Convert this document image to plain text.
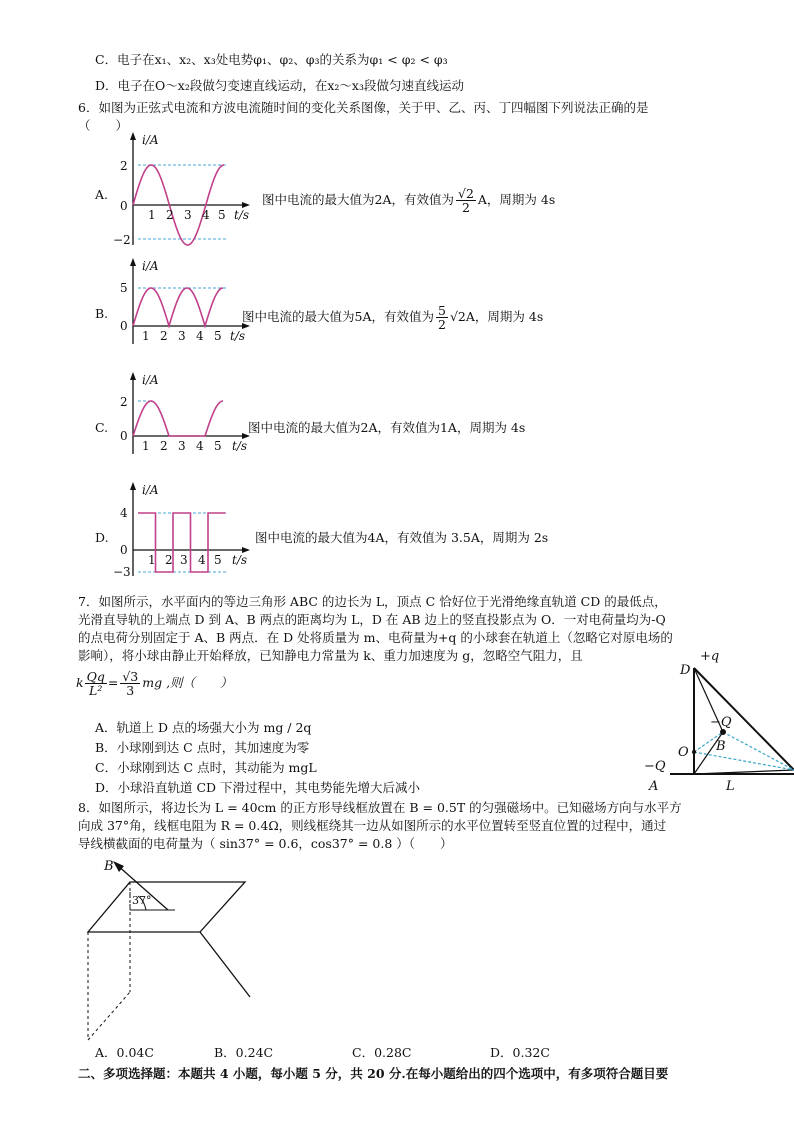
C．电子在x₁、x₂、x₃处电势φ₁、φ₂、φ₃的关系为φ₁ < φ₂ < φ₃
D．电子在O～x₂段做匀变速直线运动，在x₂～x₃段做匀速直线运动
6．如图为正弦式电流和方波电流随时间的变化关系图像，关于甲、乙、丙、丁四幅图下列说法正确的是
（　　）
A.
i/A
2
0
−2
1 2 3 4 5 t/s
图中电流的最大值为2A，有效值为 $\frac{√2}{2}$ A，周期为 4s
B.
i/A
5
0
1 2 3 4 5 t/s
图中电流的最大值为5A，有效值为 $\frac{5}{2} √2A$，周期为 4s
C.
i/A
2
0
1 2 3 4 5 t/s
图中电流的最大值为2A，有效值为1A，周期为 4s
D.
i/A
4
0
−3
1 2 3 4 5 t/s
图中电流的最大值为4A，有效值为 3.5A，周期为 2s
7．如图所示，水平面内的等边三角形 ABC 的边长为 L，顶点 C 恰好位于光滑绝缘直轨道 CD 的最低点，
光滑直导轨的上端点 D 到 A、B 两点的距离均为 L，D 在 AB 边上的竖直投影点为 O．一对电荷量均为-Q
的点电荷分别固定于 A、B 两点．在 D 处将质量为 m、电荷量为+q 的小球套在轨道上（忽略它对原电场的
影响），将小球由静止开始释放，已知静电力常量为 k、重力加速度为 g，忽略空气阻力，且
k $\frac{Qq}{\text{L²}} = \frac{√3}{3}$ mg ,则（　　）
A．轨道上 D 点的场强大小为 mg / 2q
B．小球刚到达 C 点时，其加速度为零
C．小球刚到达 C 点时，其动能为 mgL
D．小球沿直轨道 CD 下滑过程中，其电势能先增大后减小
D
+q
−Q
B
O
−Q
A	L
8．如图所示，将边长为 L = 40cm 的正方形导线框放置在 B = 0.5T 的匀强磁场中。已知磁场方向与水平方
向成 37°角，线框电阻为 R = 0.4Ω，则线框绕其一边从如图所示的水平位置转至竖直位置的过程中，通过
导线横截面的电荷量为（ sin37° = 0.6，cos37° = 0.8 ）（　　）
B
37°
A．0.04C	B．0.24C	C．0.28C	D．0.32C
二、多项选择题：本题共 4 小题，每小题 5 分，共 20 分.在每小题给出的四个选项中，有多项符合题目要
